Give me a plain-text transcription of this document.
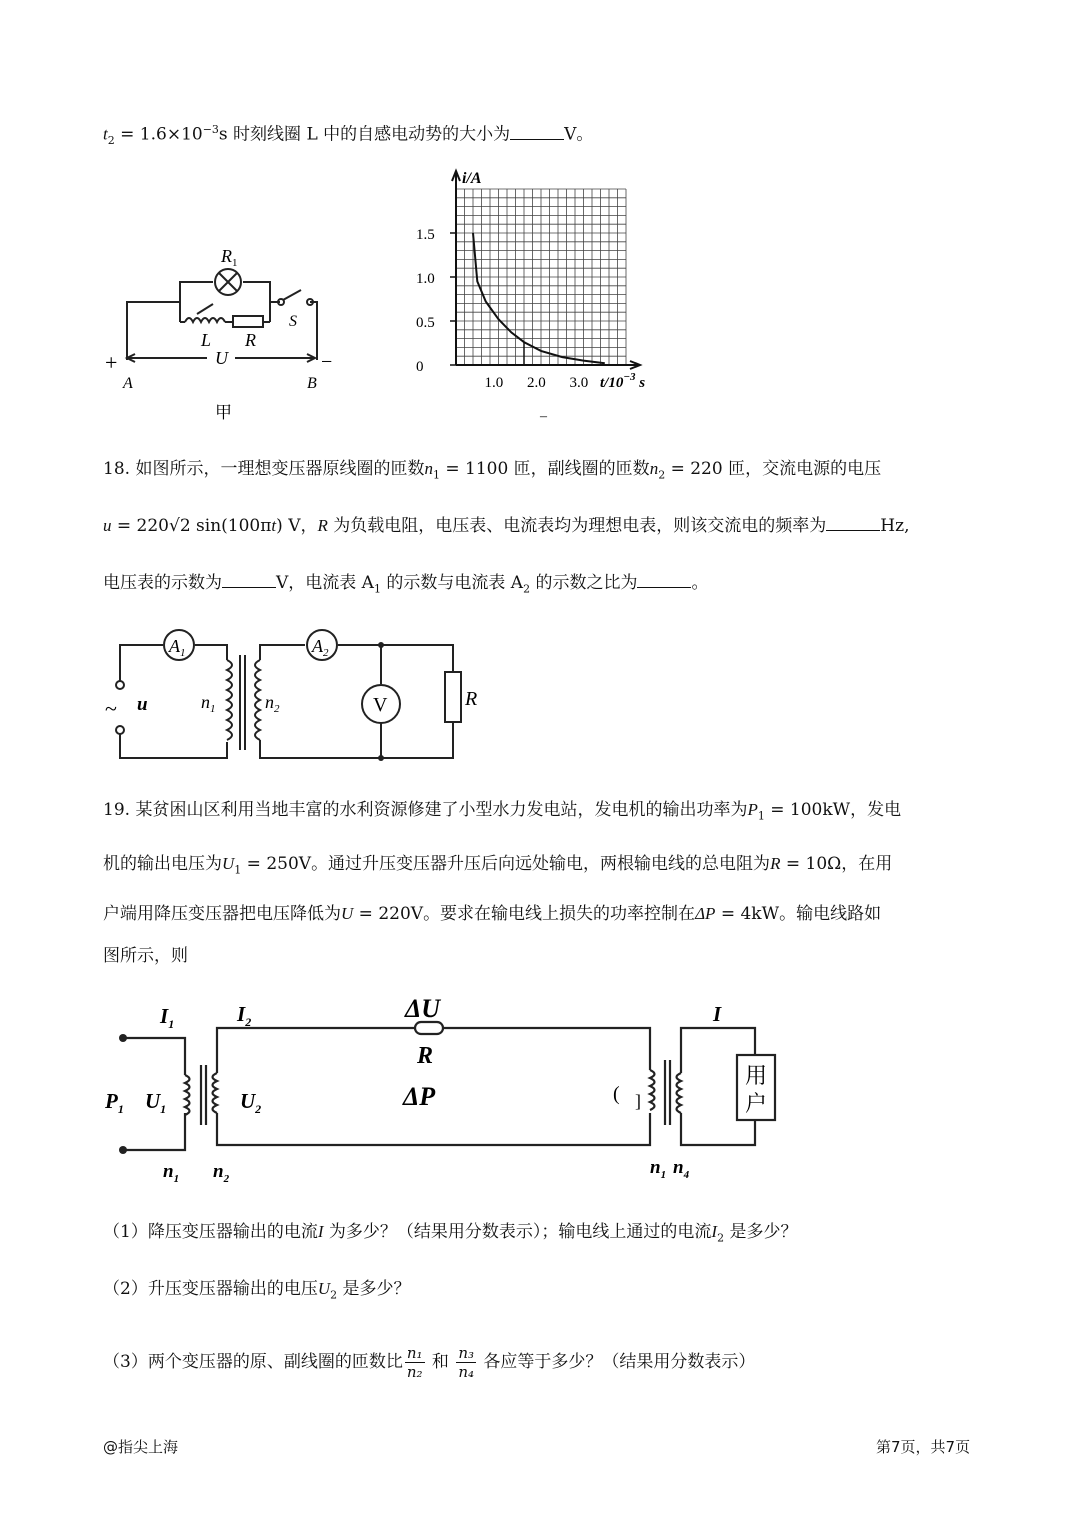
$t_2 = 1.6\times 10^{-3}s$ 时刻线圈 L 中的自感电动势的大小为	V。
R 1
L R
S
U
+
A
−
B
甲
1.5
1.0
0.5
0
1.0 2.0 3.0
i/A
$t/10^{-3}$ s
–
18. 如图所示，一理想变压器原线圈的匝数$n_1 = 1100$ 匝，副线圈的匝数$n_2 = 220$ 匝，交流电源的电压
u = 220√2 sin(100πt) V，R 为负载电阻，电压表、电流表均为理想电表，则该交流电的频率为	Hz,
电压表的示数为	V，电流表 $A_1$ 的示数与电流表 $A_2$ 的示数之比为	。
$A_1$	$A_2$
~ u	$n_1$	$n_2$	V	R
19. 某贫困山区利用当地丰富的水利资源修建了小型水力发电站，发电机的输出功率为$P_1 = 100kW$，发电
机的输出电压为$U_1 = 250V$。通过升压变压器升压后向远处输电，两根输电线的总电阻为R = 10Ω，在用
户端用降压变压器把电压降低为U = 220V。要求在输电线上损失的功率控制在ΔP = 4kW。输电线路如
图所示，则
$I_1$	$I_2$	ΔU
R
ΔP
$P_1$ $U_1$	$U_2$
( ]
I
用
户
$n_1$ $n_2$
$n_1$ $n_4$
（1）降压变压器输出的电流I 为多少？（结果用分数表示）；输电线上通过的电流$I_2$ 是多少？
（2）升压变压器输出的电压$U_2$ 是多少？
（3）两个变压器的原、副线圈的匝数比 $\frac{\text{n₁}}{\text{n₂}}$ 和 $\frac{\text{n₃}}{\text{n₄}}$ 各应等于多少？（结果用分数表示）
@指尖上海	第7页，共7页
